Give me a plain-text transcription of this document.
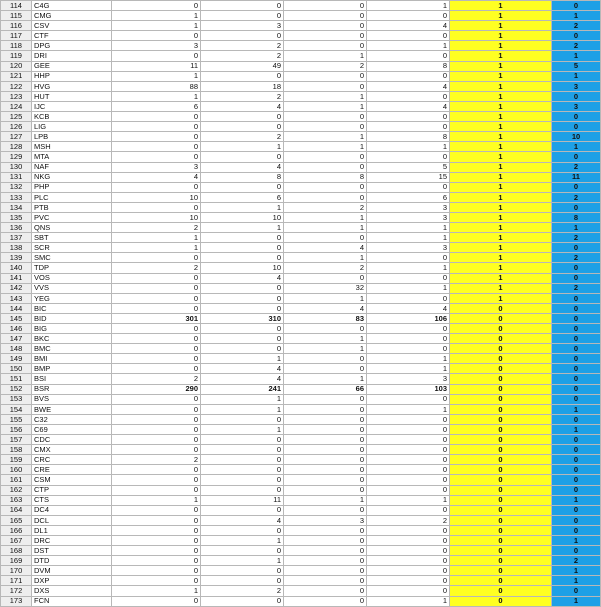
114	C4G	0	0	0	1	1	0
115	CMG	1	0	0	0	1	1
116	CSV	1	3	0	4	1	2
117	CTF	0	0	0	0	1	0
118	DPG	3	2	0	1	1	2
119	DRI	0	2	1	0	1	1
120	GEE	11	49	2	8	1	5
121	HHP	1	0	0	0	1	1
122	HVG	88	18	0	4	1	3
123	HUT	1	2	1	0	1	0
124	IJC	6	4	1	4	1	3
125	KCB	0	0	0	0	1	0
126	LIG	0	0	0	0	1	0
127	LPB	0	2	1	8	1	10
128	MSH	0	1	1	1	1	1
129	MTA	0	0	0	0	1	0
130	NAF	3	4	0	5	1	2
131	NKG	4	8	8	15	1	11
132	PHP	0	0	0	0	1	0
133	PLC	10	6	0	6	1	2
134	PTB	0	1	2	3	1	0
135	PVC	10	10	1	3	1	8
136	QNS	2	1	1	1	1	1
137	SBT	1	0	0	1	1	2
138	SCR	1	0	4	3	1	0
139	SMC	0	0	1	0	1	2
140	TDP	2	10	2	1	1	0
141	VOS	0	4	0	0	1	0
142	VVS	0	0	32	1	1	2
143	YEG	0	0	1	0	1	0
144	BIC	0	0	4	4	0	0
145	BID	301	310	83	106	0	0
146	BIG	0	0	0	0	0	0
147	BKC	0	0	1	0	0	0
148	BMC	0	0	1	0	0	0
149	BMI	0	1	0	1	0	0
150	BMP	0	4	0	1	0	0
151	BSI	2	4	1	3	0	0
152	BSR	290	241	66	103	0	0
153	BVS	0	1	0	0	0	0
154	BWE	0	1	0	1	0	1
155	C32	0	0	0	0	0	0
156	C69	0	1	0	0	0	1
157	CDC	0	0	0	0	0	0
158	CMX	0	0	0	0	0	0
159	CRC	2	0	0	0	0	0
160	CRE	0	0	0	0	0	0
161	CSM	0	0	0	0	0	0
162	CTP	0	0	0	0	0	0
163	CTS	1	11	1	1	0	1
164	DC4	0	0	0	0	0	0
165	DCL	0	4	3	2	0	0
166	DL1	0	0	0	0	0	0
167	DRC	0	1	0	0	0	1
168	DST	0	0	0	0	0	0
169	DTD	0	1	0	0	0	2
170	DVM	0	0	0	0	0	1
171	DXP	0	0	0	0	0	1
172	DXS	1	2	0	0	0	0
173	FCN	0	0	0	1	0	1
